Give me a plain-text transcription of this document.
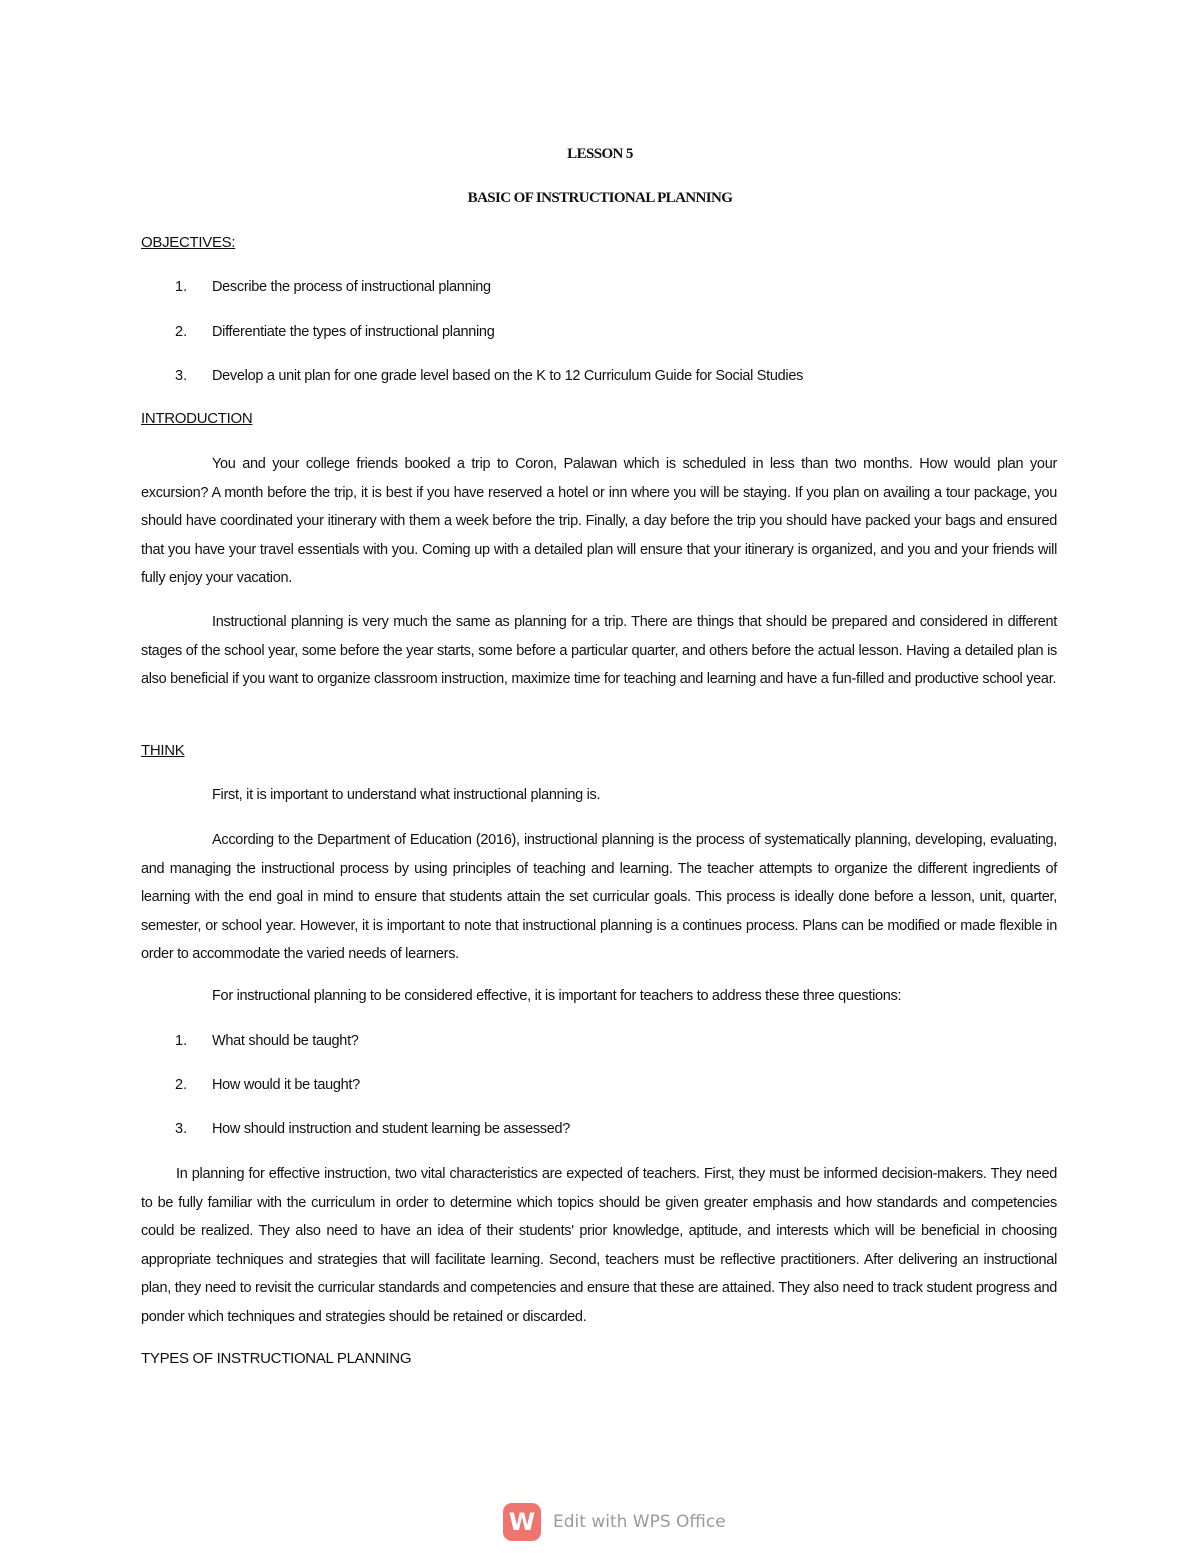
LESSON 5
BASIC OF INSTRUCTIONAL PLANNING
OBJECTIVES:
1. Describe the process of instructional planning
2. Differentiate the types of instructional planning
3. Develop a unit plan for one grade level based on the K to 12 Curriculum Guide for Social Studies
INTRODUCTION
You and your college friends booked a trip to Coron, Palawan which is scheduled in less than two months. How would plan your excursion? A month before the trip, it is best if you have reserved a hotel or inn where you will be staying. If you plan on availing a tour package, you should have coordinated your itinerary with them a week before the trip. Finally, a day before the trip you should have packed your bags and ensured that you have your travel essentials with you. Coming up with a detailed plan will ensure that your itinerary is organized, and you and your friends will fully enjoy your vacation.
Instructional planning is very much the same as planning for a trip. There are things that should be prepared and considered in different stages of the school year, some before the year starts, some before a particular quarter, and others before the actual lesson. Having a detailed plan is also beneficial if you want to organize classroom instruction, maximize time for teaching and learning and have a fun-filled and productive school year.
THINK
First, it is important to understand what instructional planning is.
According to the Department of Education (2016), instructional planning is the process of systematically planning, developing, evaluating, and managing the instructional process by using principles of teaching and learning. The teacher attempts to organize the different ingredients of learning with the end goal in mind to ensure that students attain the set curricular goals. This process is ideally done before a lesson, unit, quarter, semester, or school year. However, it is important to note that instructional planning is a continues process. Plans can be modified or made flexible in order to accommodate the varied needs of learners.
For instructional planning to be considered effective, it is important for teachers to address these three questions:
1. What should be taught?
2. How would it be taught?
3. How should instruction and student learning be assessed?
In planning for effective instruction, two vital characteristics are expected of teachers. First, they must be informed decision-makers. They need to be fully familiar with the curriculum in order to determine which topics should be given greater emphasis and how standards and competencies could be realized. They also need to have an idea of their students' prior knowledge, aptitude, and interests which will be beneficial in choosing appropriate techniques and strategies that will facilitate learning. Second, teachers must be reflective practitioners. After delivering an instructional plan, they need to revisit the curricular standards and competencies and ensure that these are attained. They also need to track student progress and ponder which techniques and strategies should be retained or discarded.
TYPES OF INSTRUCTIONAL PLANNING
W	Edit with WPS Office
